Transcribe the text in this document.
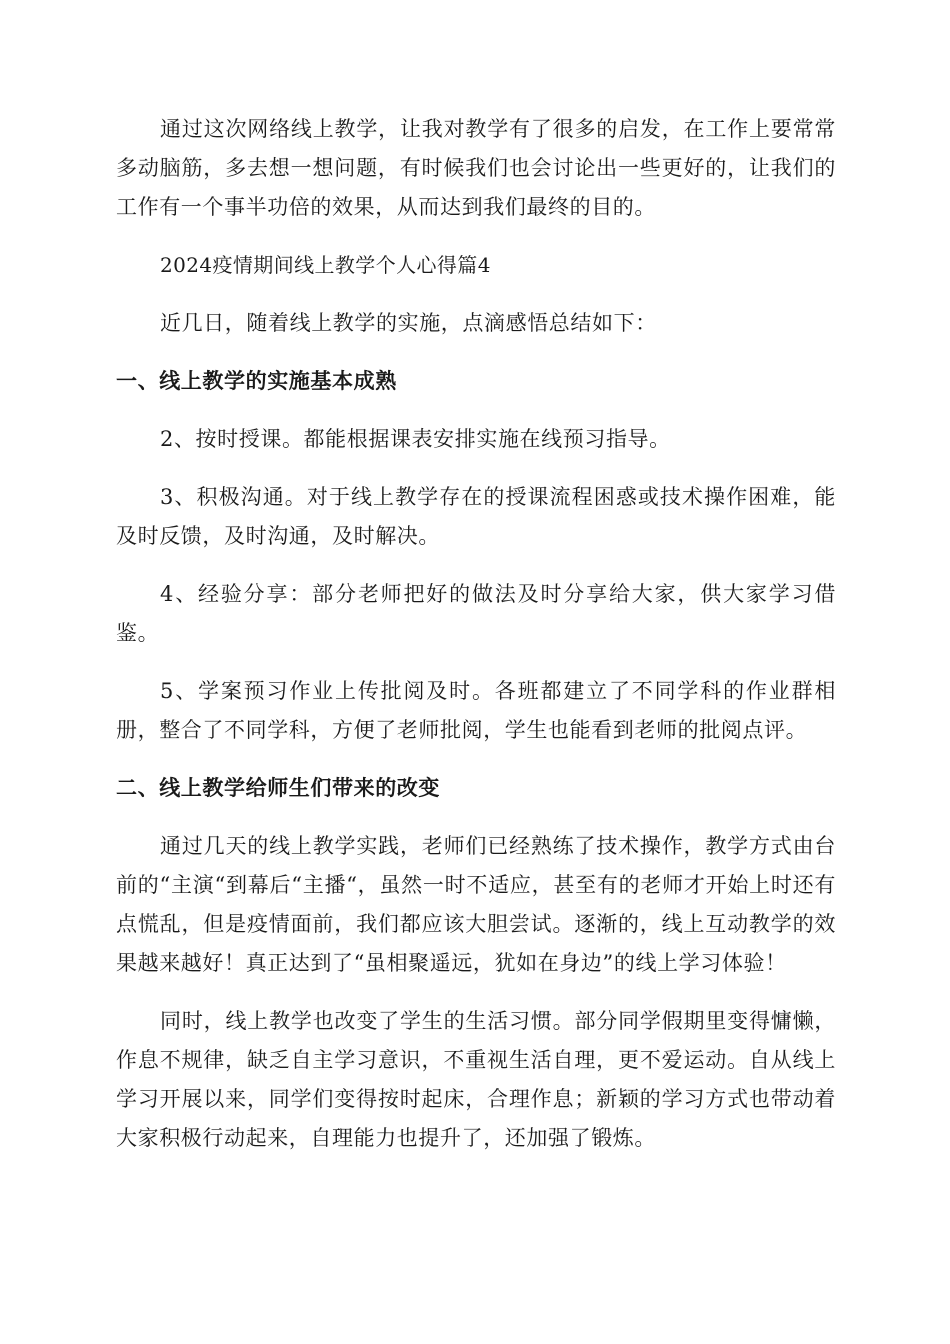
通过这次网络线上教学，让我对教学有了很多的启发，在工作上要常常多动脑筋，多去想一想问题，有时候我们也会讨论出一些更好的，让我们的工作有一个事半功倍的效果，从而达到我们最终的目的。

2024疫情期间线上教学个人心得篇4

近几日，随着线上教学的实施，点滴感悟总结如下：

一、线上教学的实施基本成熟

2、按时授课。都能根据课表安排实施在线预习指导。

3、积极沟通。对于线上教学存在的授课流程困惑或技术操作困难，能及时反馈，及时沟通，及时解决。

4、经验分享：部分老师把好的做法及时分享给大家，供大家学习借鉴。

5、学案预习作业上传批阅及时。各班都建立了不同学科的作业群相册，整合了不同学科，方便了老师批阅，学生也能看到老师的批阅点评。

二、线上教学给师生们带来的改变

通过几天的线上教学实践，老师们已经熟练了技术操作，教学方式由台前的“主演“到幕后“主播“，虽然一时不适应，甚至有的老师才开始上时还有点慌乱，但是疫情面前，我们都应该大胆尝试。逐渐的，线上互动教学的效果越来越好！真正达到了“虽相聚遥远，犹如在身边”的线上学习体验！

同时，线上教学也改变了学生的生活习惯。部分同学假期里变得慵懒，作息不规律，缺乏自主学习意识，不重视生活自理，更不爱运动。自从线上学习开展以来，同学们变得按时起床，合理作息；新颖的学习方式也带动着大家积极行动起来，自理能力也提升了，还加强了锻炼。
